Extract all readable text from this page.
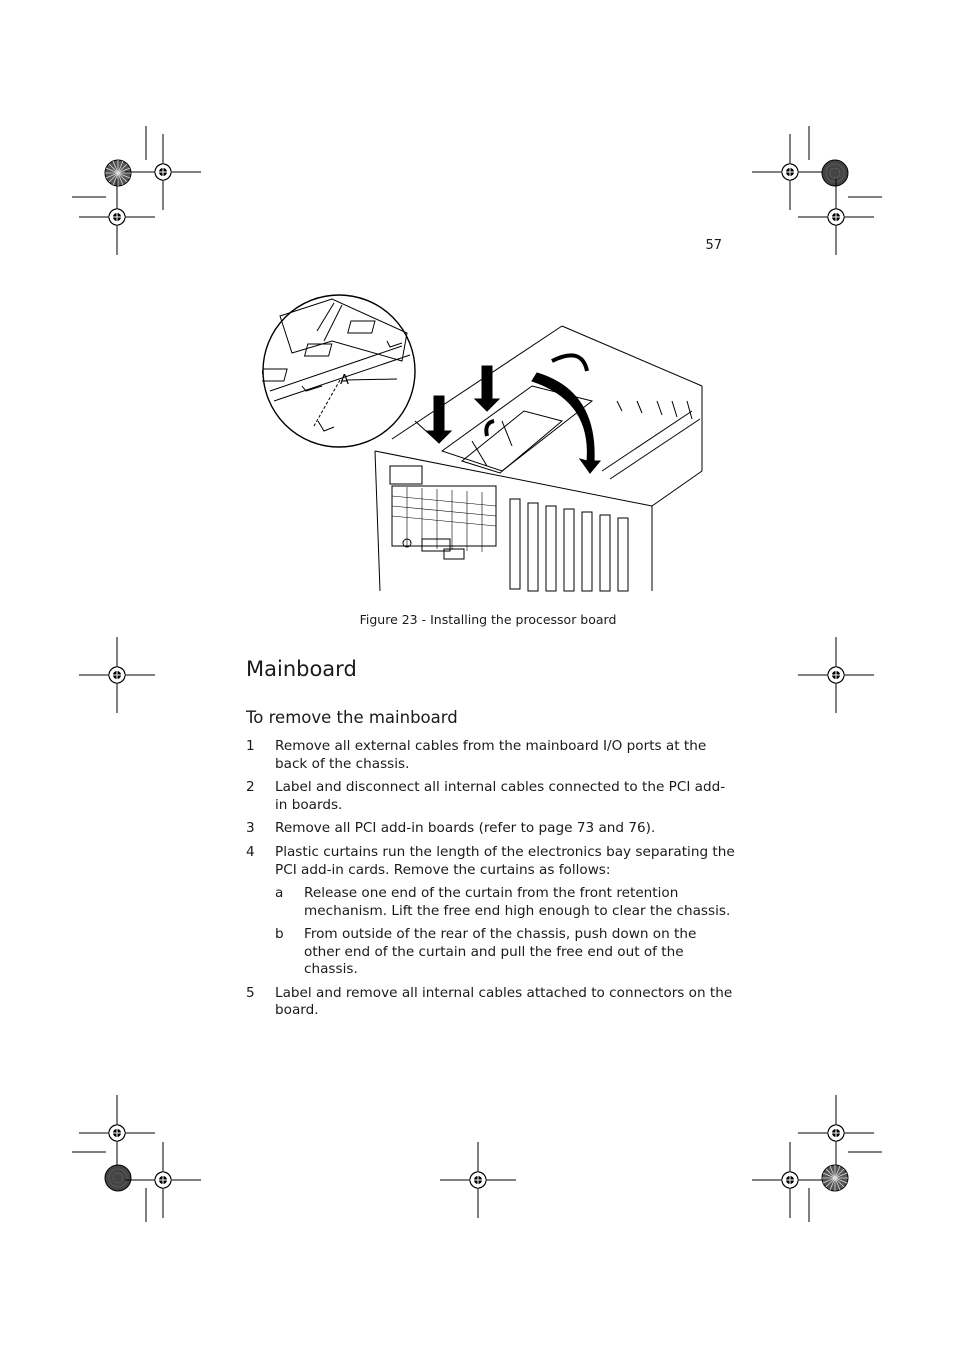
57
A
Figure 23 - Installing the processor board
Mainboard
To remove the mainboard
1 Remove all external cables from the mainboard I/O ports at the back of the chassis.
2 Label and disconnect all internal cables connected to the PCI add-in boards.
3 Remove all PCI add-in boards (refer to page 73 and 76).
4 Plastic curtains run the length of the electronics bay separating the PCI add-in cards. Remove the curtains as follows:
a Release one end of the curtain from the front retention mechanism. Lift the free end high enough to clear the chassis.
b From outside of the rear of the chassis, push down on the other end of the curtain and pull the free end out of the chassis.
5 Label and remove all internal cables attached to connectors on the board.
